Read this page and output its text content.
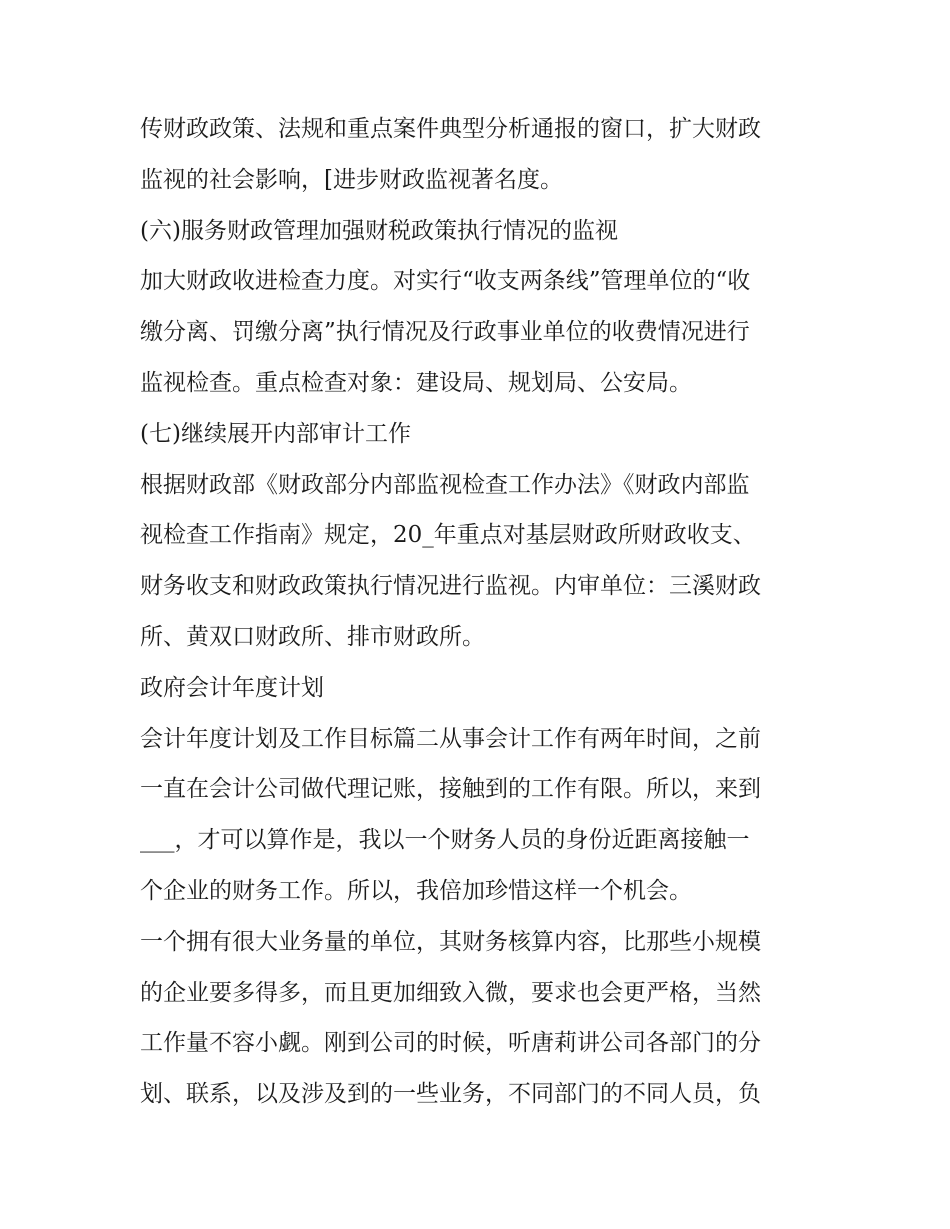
传财政政策、法规和重点案件典型分析通报的窗口，扩大财政
监视的社会影响，[进步财政监视著名度。
(六)服务财政管理加强财税政策执行情况的监视
加大财政收进检查力度。对实行“收支两条线”管理单位的“收
缴分离、罚缴分离”执行情况及行政事业单位的收费情况进行
监视检查。重点检查对象：建设局、规划局、公安局。
(七)继续展开内部审计工作
根据财政部《财政部分内部监视检查工作办法》《财政内部监
视检查工作指南》规定，20_年重点对基层财政所财政收支、
财务收支和财政政策执行情况进行监视。内审单位：三溪财政
所、黄双口财政所、排市财政所。
政府会计年度计划
会计年度计划及工作目标篇二从事会计工作有两年时间，之前
一直在会计公司做代理记账，接触到的工作有限。所以，来到
___，才可以算作是，我以一个财务人员的身份近距离接触一
个企业的财务工作。所以，我倍加珍惜这样一个机会。
一个拥有很大业务量的单位，其财务核算内容，比那些小规模
的企业要多得多，而且更加细致入微，要求也会更严格，当然
工作量不容小觑。刚到公司的时候，听唐莉讲公司各部门的分
划、联系，以及涉及到的一些业务，不同部门的不同人员，负
